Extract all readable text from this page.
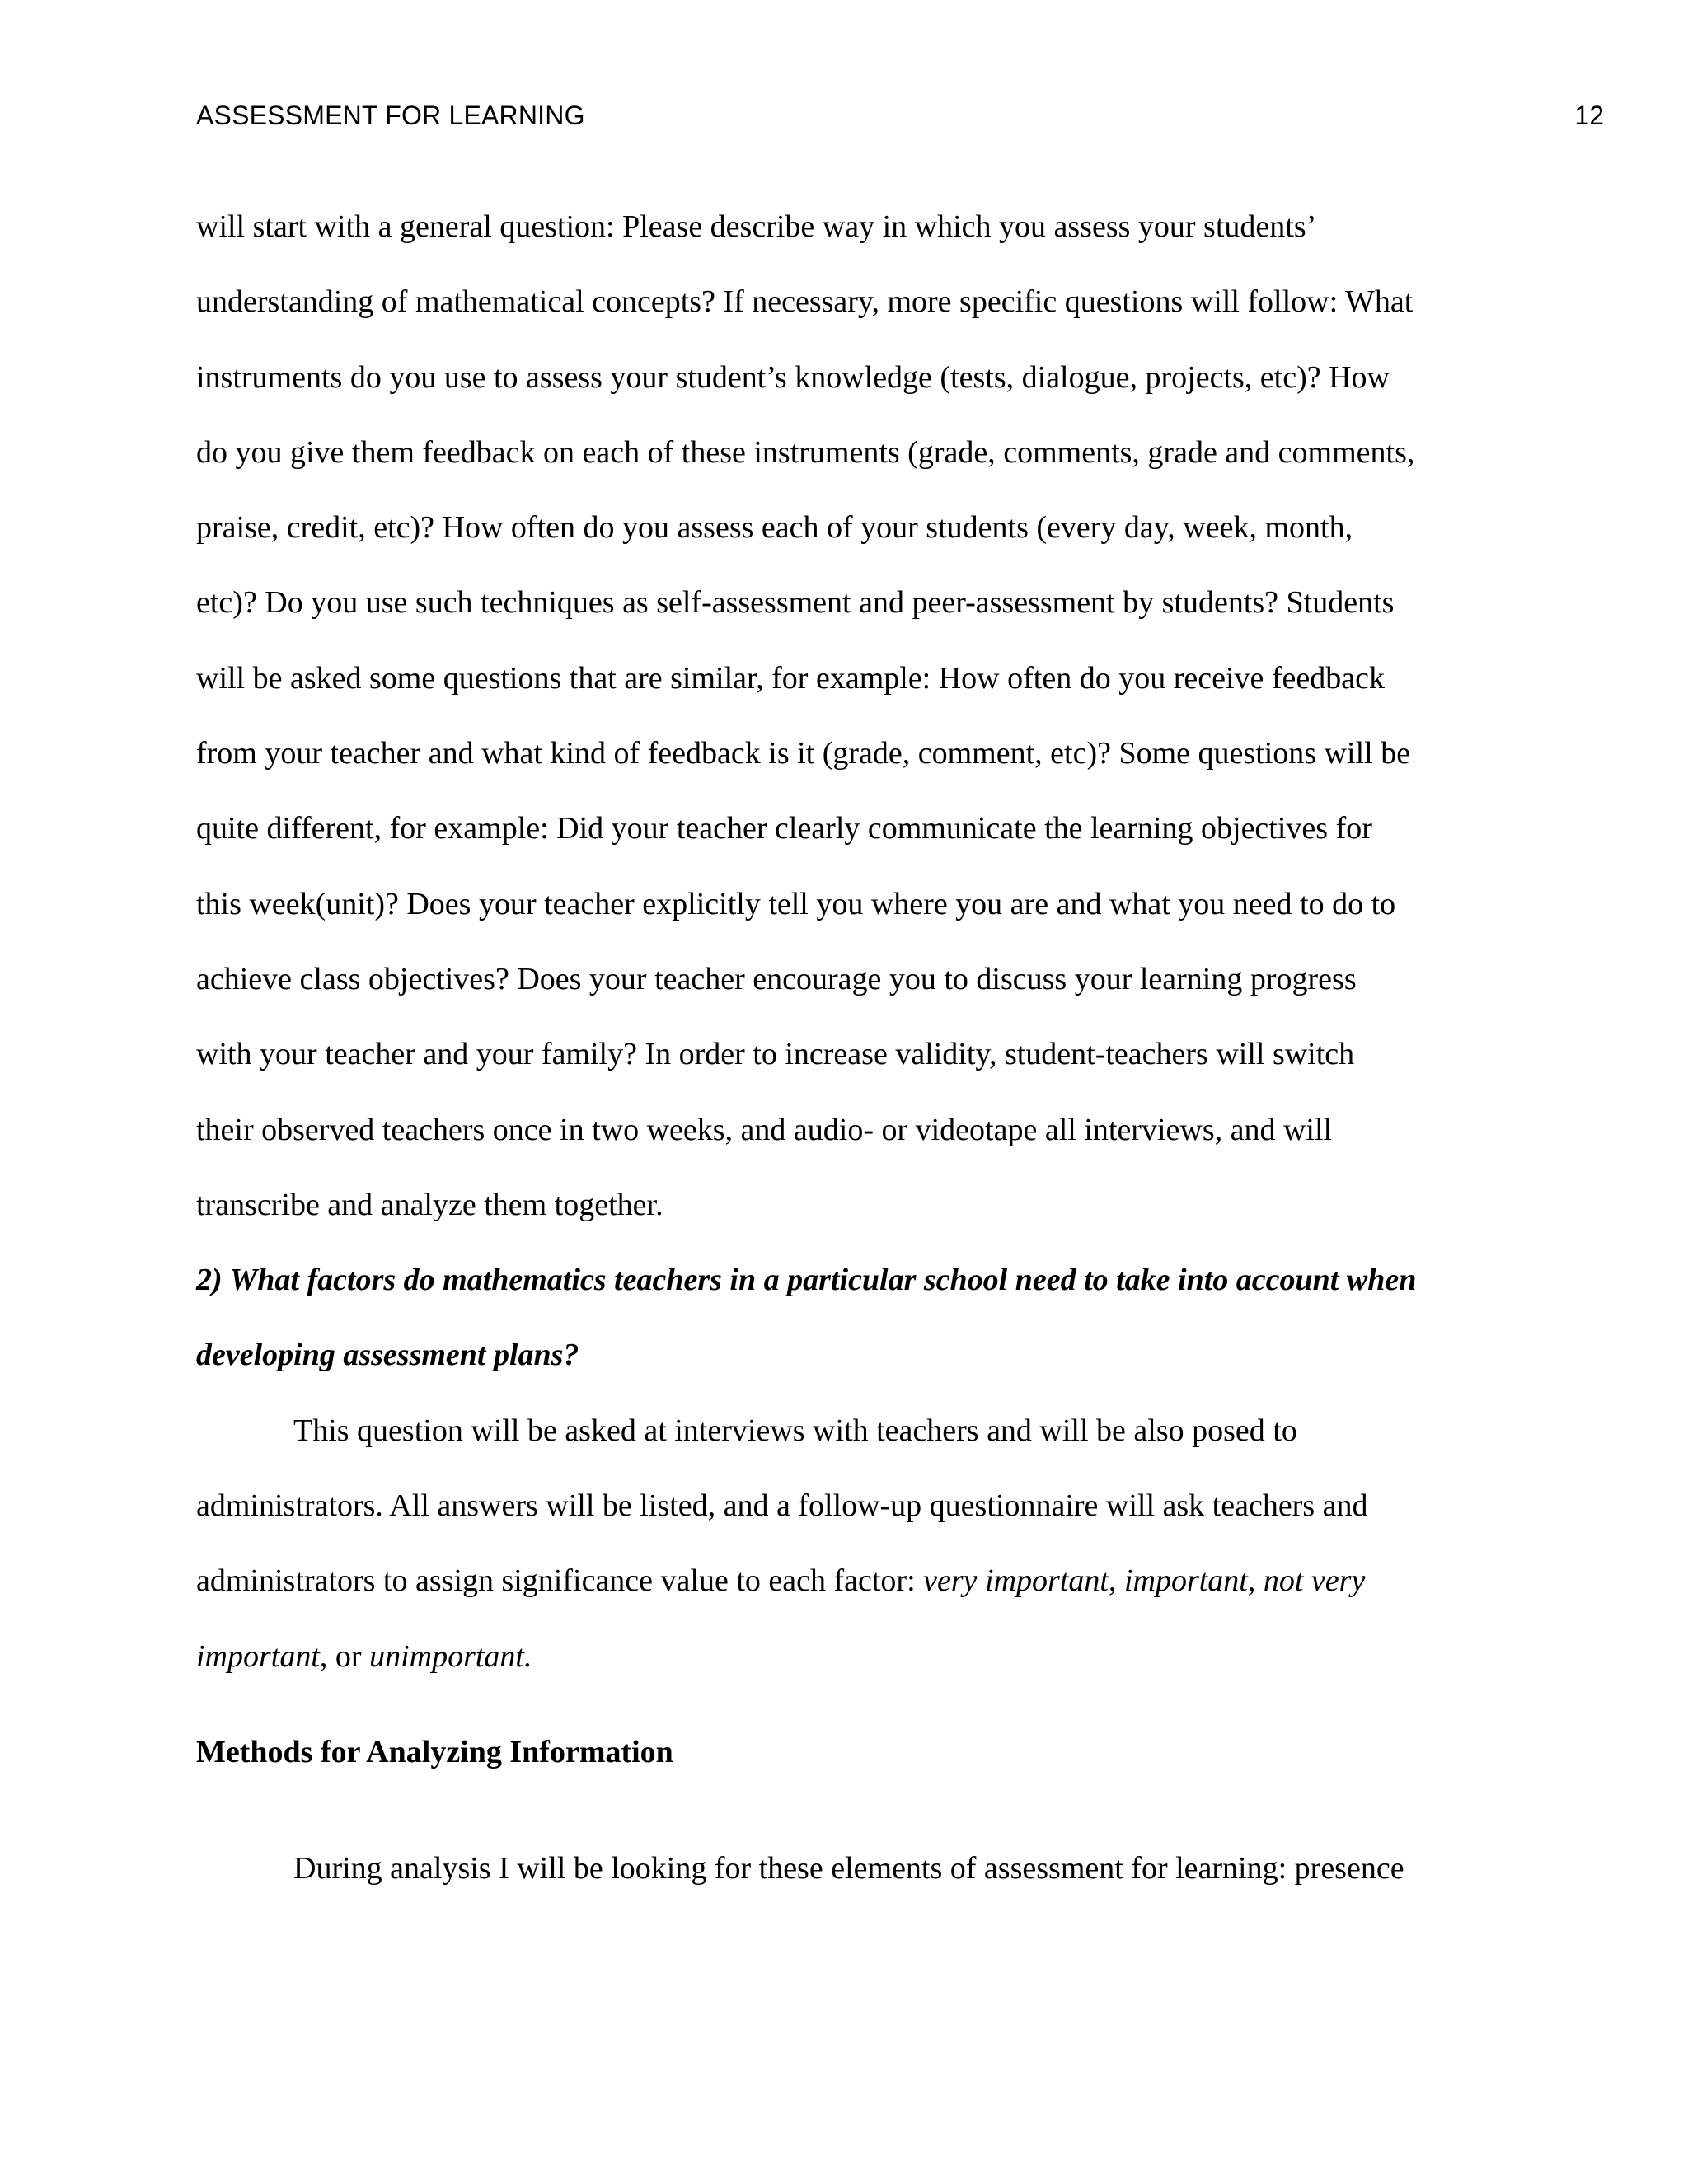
ASSESSMENT FOR LEARNING	12
will start with a general question: Please describe way in which you assess your students’
understanding of mathematical concepts? If necessary, more specific questions will follow: What
instruments do you use to assess your student’s knowledge (tests, dialogue, projects, etc)? How
do you give them feedback on each of these instruments (grade, comments, grade and comments,
praise, credit, etc)? How often do you assess each of your students (every day, week, month,
etc)? Do you use such techniques as self-assessment and peer-assessment by students? Students
will be asked some questions that are similar, for example: How often do you receive feedback
from your teacher and what kind of feedback is it (grade, comment, etc)? Some questions will be
quite different, for example: Did your teacher clearly communicate the learning objectives for
this week(unit)? Does your teacher explicitly tell you where you are and what you need to do to
achieve class objectives? Does your teacher encourage you to discuss your learning progress
with your teacher and your family? In order to increase validity, student-teachers will switch
their observed teachers once in two weeks, and audio- or videotape all interviews, and will
transcribe and analyze them together.
2) What factors do mathematics teachers in a particular school need to take into account when
developing assessment plans?
This question will be asked at interviews with teachers and will be also posed to
administrators. All answers will be listed, and a follow-up questionnaire will ask teachers and
administrators to assign significance value to each factor: very important, important, not very
important, or unimportant.
Methods for Analyzing Information
During analysis I will be looking for these elements of assessment for learning: presence
